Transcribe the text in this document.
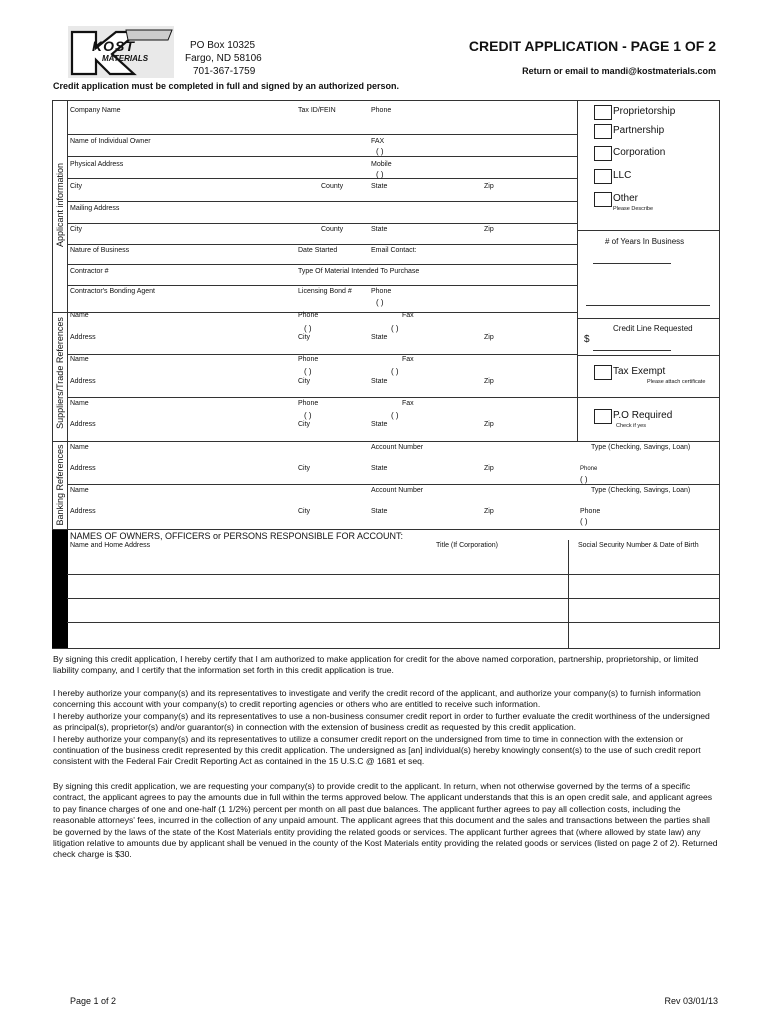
KOST
MATERIALS
PO Box 10325
Fargo, ND 58106
701-367-1759
CREDIT APPLICATION - PAGE 1 OF 2
Return or email to mandi@kostmaterials.com
Credit application must be completed in full and signed by an authorized person.
Applicant information
Suppliers/Trade References
Banking References
Company Name	Tax ID/FEIN	Phone
Name of Individual Owner	FAX
( )
Physical Address	Mobile
( )
City	County	State	Zip
Mailing Address
City	County	State	Zip
Nature of Business	Date Started	Email Contact:
Contractor #	Type Of Material Intended To Purchase
Contractor's Bonding Agent	Licensing Bond #	Phone
( )
Proprietorship
Partnership
Corporation
LLC
Other
Please Describe
# of Years In Business
Credit Line Requested
$
Tax Exempt
Please attach certificate
P.O Required
Check if yes
Name	Phone	Fax
( )	( )
Address	City	State	Zip
Name	Phone	Fax
( )	( )
Address	City	State	Zip
Name	Phone	Fax
( )	( )
Address	City	State	Zip
Name	Account Number	Type (Checking, Savings, Loan)
Address	City	State	Zip	Phone
( )
Name	Account Number	Type (Checking, Savings, Loan)
Address	City	State	Zip	Phone
( )
NAMES OF OWNERS, OFFICERS or PERSONS RESPONSIBLE FOR ACCOUNT:
Name and Home Address	Title (If Corporation)	Social Security Number & Date of Birth

By signing this credit application, I hereby certify that I am authorized to make application for credit for the above named corporation, partnership, proprietorship, or limited liability company, and I certify that the information set forth in this credit application is true.

I hereby authorize your company(s) and its representatives to investigate and verify the credit record of the applicant, and authorize your company(s) to furnish information concerning this account with your company(s) to credit reporting agencies or others who are entitled to receive such information.

I hereby authorize your company(s) and its representatives to use a non-business consumer credit report in order to further evaluate the credit worthiness of the undersigned as principal(s), proprietor(s) and/or guarantor(s) in connection with the extension of business credit as requested by this credit application.

I hereby authorize your company(s) and its representatives to utilize a consumer credit report on the undersigned from time to time in connection with the extension or continuation of the business credit represented by this credit application. The undersigned as [an] individual(s) hereby knowingly consent(s) to the use of such credit report consistent with the Federal Fair Credit Reporting Act as contained in the 15 U.S.C @ 1681 et seq.

By signing this credit application, we are requesting your company(s) to provide credit to the applicant. In return, when not otherwise governed by the terms of a specific contract, the applicant agrees to pay the amounts due in full within the terms approved below. The applicant understands that this is an open credit sale, and applicant agrees to pay finance charges of one and one-half (1 1/2%) percent per month on all past due balances. The applicant further agrees to pay all collection costs, including the reasonable attorneys' fees, incurred in the collection of any unpaid amount. The applicant agrees that this document and the sales and transactions between the parties shall be governed by the laws of the state of the Kost Materials entity providing the related goods or services. The applicant further agrees that (where allowed by state law) any litigation relative to amounts due by applicant shall be venued in the county of the Kost Materials entity providing the related goods or services (listed on page 2 of 2). Returned check charge is $30.

Page 1 of 2	Rev 03/01/13
